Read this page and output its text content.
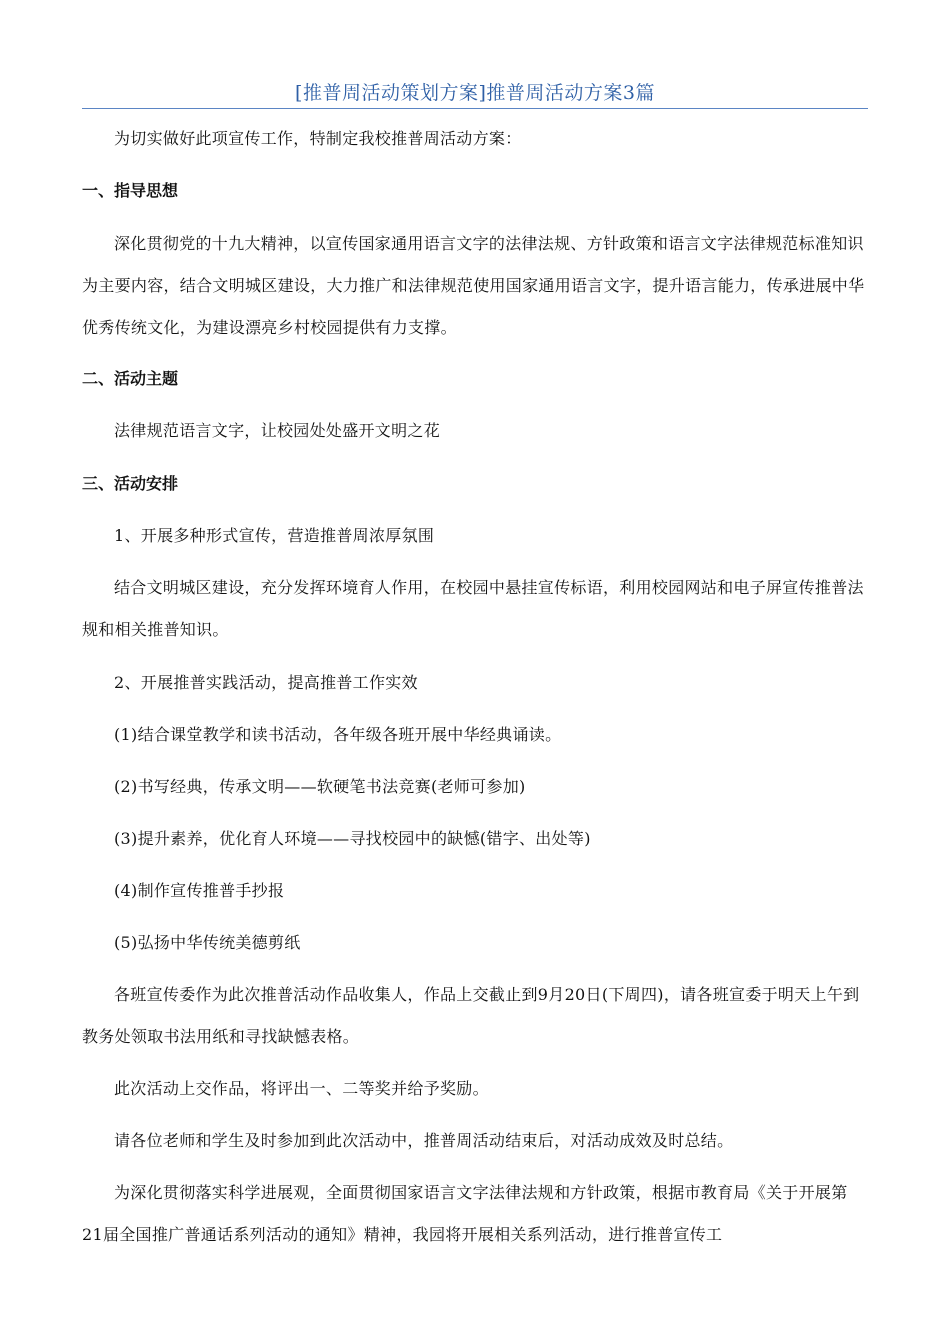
[推普周活动策划方案]推普周活动方案3篇

为切实做好此项宣传工作，特制定我校推普周活动方案：

一、指导思想

深化贯彻党的十九大精神，以宣传国家通用语言文字的法律法规、方针政策和语言文字法律规范标准知识为主要内容，结合文明城区建设，大力推广和法律规范使用国家通用语言文字，提升语言能力，传承进展中华优秀传统文化，为建设漂亮乡村校园提供有力支撑。

二、活动主题

法律规范语言文字，让校园处处盛开文明之花

三、活动安排

1、开展多种形式宣传，营造推普周浓厚氛围

结合文明城区建设，充分发挥环境育人作用，在校园中悬挂宣传标语，利用校园网站和电子屏宣传推普法规和相关推普知识。

2、开展推普实践活动，提高推普工作实效

(1)结合课堂教学和读书活动，各年级各班开展中华经典诵读。

(2)书写经典，传承文明——软硬笔书法竞赛(老师可参加)

(3)提升素养，优化育人环境——寻找校园中的缺憾(错字、出处等)

(4)制作宣传推普手抄报

(5)弘扬中华传统美德剪纸

各班宣传委作为此次推普活动作品收集人，作品上交截止到9月20日(下周四)，请各班宣委于明天上午到教务处领取书法用纸和寻找缺憾表格。

此次活动上交作品，将评出一、二等奖并给予奖励。

请各位老师和学生及时参加到此次活动中，推普周活动结束后，对活动成效及时总结。

为深化贯彻落实科学进展观，全面贯彻国家语言文字法律法规和方针政策，根据市教育局《关于开展第21届全国推广普通话系列活动的通知》精神，我园将开展相关系列活动，进行推普宣传工
